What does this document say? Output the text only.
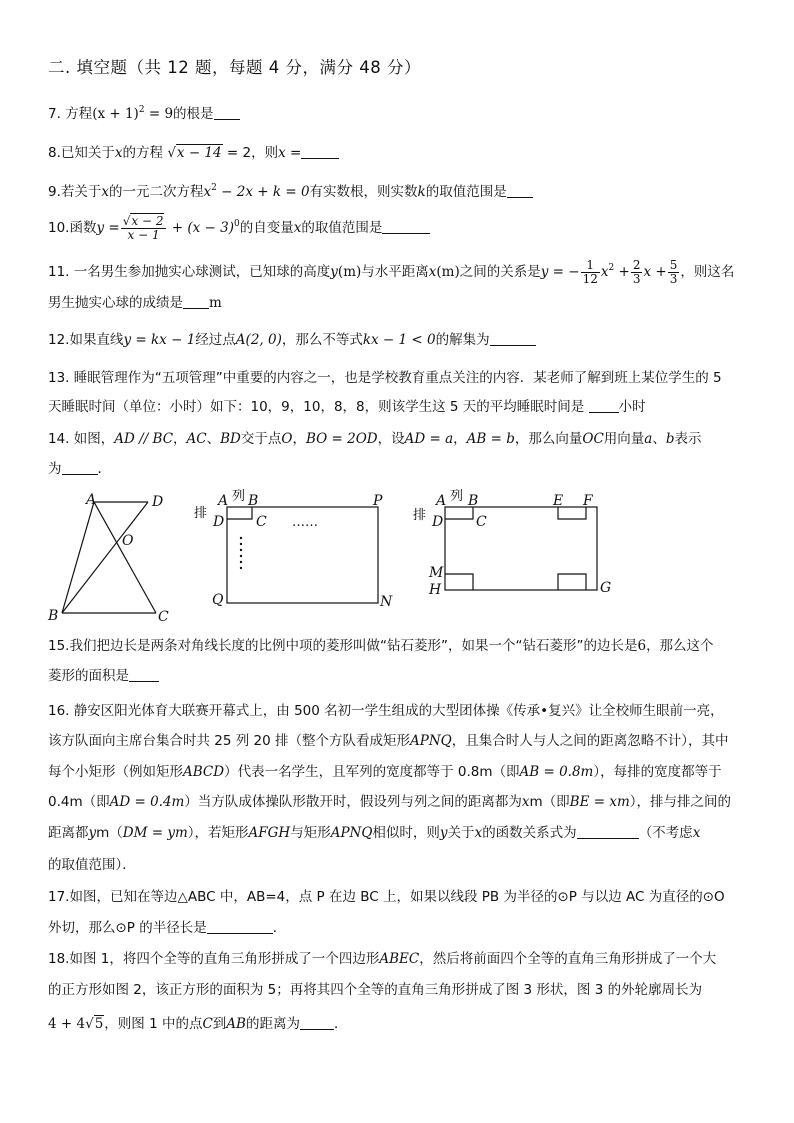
二. 填空题（共 12 题，每题 4 分，满分 48 分）
7. 方程$(x + 1)^2 = 9$的根是
8.已知关于x的方程 √x − 14 = 2，则x =
9.若关于x的一元二次方程$x^2 - 2x + k = 0$有实数根，则实数k的取值范围是
10.函数$y = \frac{√x - 2}{x - 1} + (x - 3)^0$的自变量x的取值范围是
11. 一名男生参加抛实心球测试，已知球的高度y(m)与水平距离x(m)之间的关系是y = − $\frac{1}{12} x^2 + \frac{2}{3}$ $x + \frac{5}{3}$ ，则这名
男生抛实心球的成绩是 m
12.如果直线y = kx − 1经过点A(2, 0)，那么不等式kx − 1 < 0的解集为
13. 睡眠管理作为“五项管理”中重要的内容之一，也是学校教育重点关注的内容．某老师了解到班上某位学生的 5
天睡眠时间（单位：小时）如下：10，9，10，8，8，则该学生这 5 天的平均睡眠时间是	小时
14. 如图，AD // BC，AC、BD交于点O，BO = 2OD，设AD = a，AB = b，那么向量OC用向量a、b表示
为	．
A	D
O
B	C
A 列 B	P
排
D C ……
Q	N
A 列 B	E F
排 D C
M
H	G
15.我们把边长是两条对角线长度的比例中项的菱形叫做“钻石菱形”，如果一个“钻石菱形”的边长是6，那么这个
菱形的面积是
16. 静安区阳光体育大联赛开幕式上，由 500 名初一学生组成的大型团体操《传承•复兴》让全校师生眼前一亮，
该方队面向主席台集合时共 25 列 20 排（整个方队看成矩形APNQ，且集合时人与人之间的距离忽略不计），其中
每个小矩形（例如矩形ABCD）代表一名学生，且军列的宽度都等于 0.8m（即AB = 0.8m），每排的宽度都等于
0.4m（即AD = 0.4m）当方队成体操队形散开时，假设列与列之间的距离都为xm（即BE = xm），排与排之间的
距离都ym（DM = ym），若矩形AFGH与矩形APNQ相似时，则y关于x的函数关系式为	（不考虑x
的取值范围）．
17.如图，已知在等边△ABC 中，AB=4，点 P 在边 BC 上，如果以线段 PB 为半径的⊙P 与以边 AC 为直径的⊙O
外切，那么⊙P 的半径长是	．
18.如图 1，将四个全等的直角三角形拼成了一个四边形ABEC，然后将前面四个全等的直角三角形拼成了一个大
的正方形如图 2，该正方形的面积为 5；再将其四个全等的直角三角形拼成了图 3 形状，图 3 的外轮廓周长为
4 + 4√5，则图 1 中的点C到AB的距离为	．
